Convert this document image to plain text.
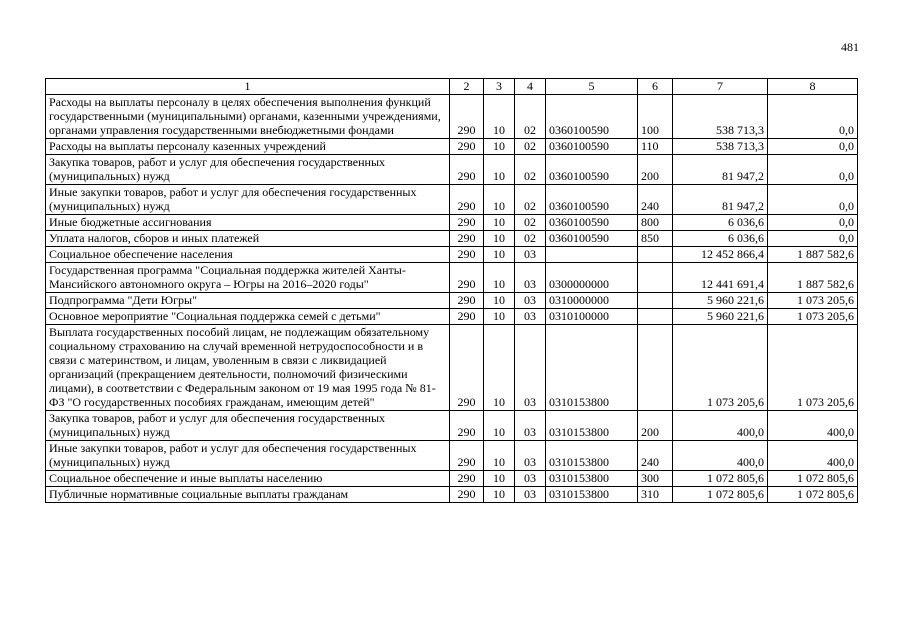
481
1	2	3	4	5	6	7	8
Расходы на выплаты персоналу в целях обеспечения выполнения функций государственными (муниципальными) органами, казенными учреждениями, органами управления государственными внебюджетными фондами	290	10	02	0360100590	100	538 713,3	0,0
Расходы на выплаты персоналу казенных учреждений	290	10	02	0360100590	110	538 713,3	0,0
Закупка товаров, работ и услуг для обеспечения государственных (муниципальных) нужд	290	10	02	0360100590	200	81 947,2	0,0
Иные закупки товаров, работ и услуг для обеспечения государственных (муниципальных) нужд	290	10	02	0360100590	240	81 947,2	0,0
Иные бюджетные ассигнования	290	10	02	0360100590	800	6 036,6	0,0
Уплата налогов, сборов и иных платежей	290	10	02	0360100590	850	6 036,6	0,0
Социальное обеспечение населения	290	10	03			12 452 866,4	1 887 582,6
Государственная программа "Социальная поддержка жителей Ханты-Мансийского автономного округа – Югры на 2016–2020 годы"	290	10	03	0300000000		12 441 691,4	1 887 582,6
Подпрограмма "Дети Югры"	290	10	03	0310000000		5 960 221,6	1 073 205,6
Основное мероприятие "Социальная поддержка семей с детьми"	290	10	03	0310100000		5 960 221,6	1 073 205,6
Выплата государственных пособий лицам, не подлежащим обязательному социальному страхованию на случай временной нетрудоспособности и в связи с материнством, и лицам, уволенным в связи с ликвидацией организаций (прекращением деятельности, полномочий физическими лицами), в соответствии с Федеральным законом от 19 мая 1995 года № 81-ФЗ "О государственных пособиях гражданам, имеющим детей"	290	10	03	0310153800		1 073 205,6	1 073 205,6
Закупка товаров, работ и услуг для обеспечения государственных (муниципальных) нужд	290	10	03	0310153800	200	400,0	400,0
Иные закупки товаров, работ и услуг для обеспечения государственных (муниципальных) нужд	290	10	03	0310153800	240	400,0	400,0
Социальное обеспечение и иные выплаты населению	290	10	03	0310153800	300	1 072 805,6	1 072 805,6
Публичные нормативные социальные выплаты гражданам	290	10	03	0310153800	310	1 072 805,6	1 072 805,6
